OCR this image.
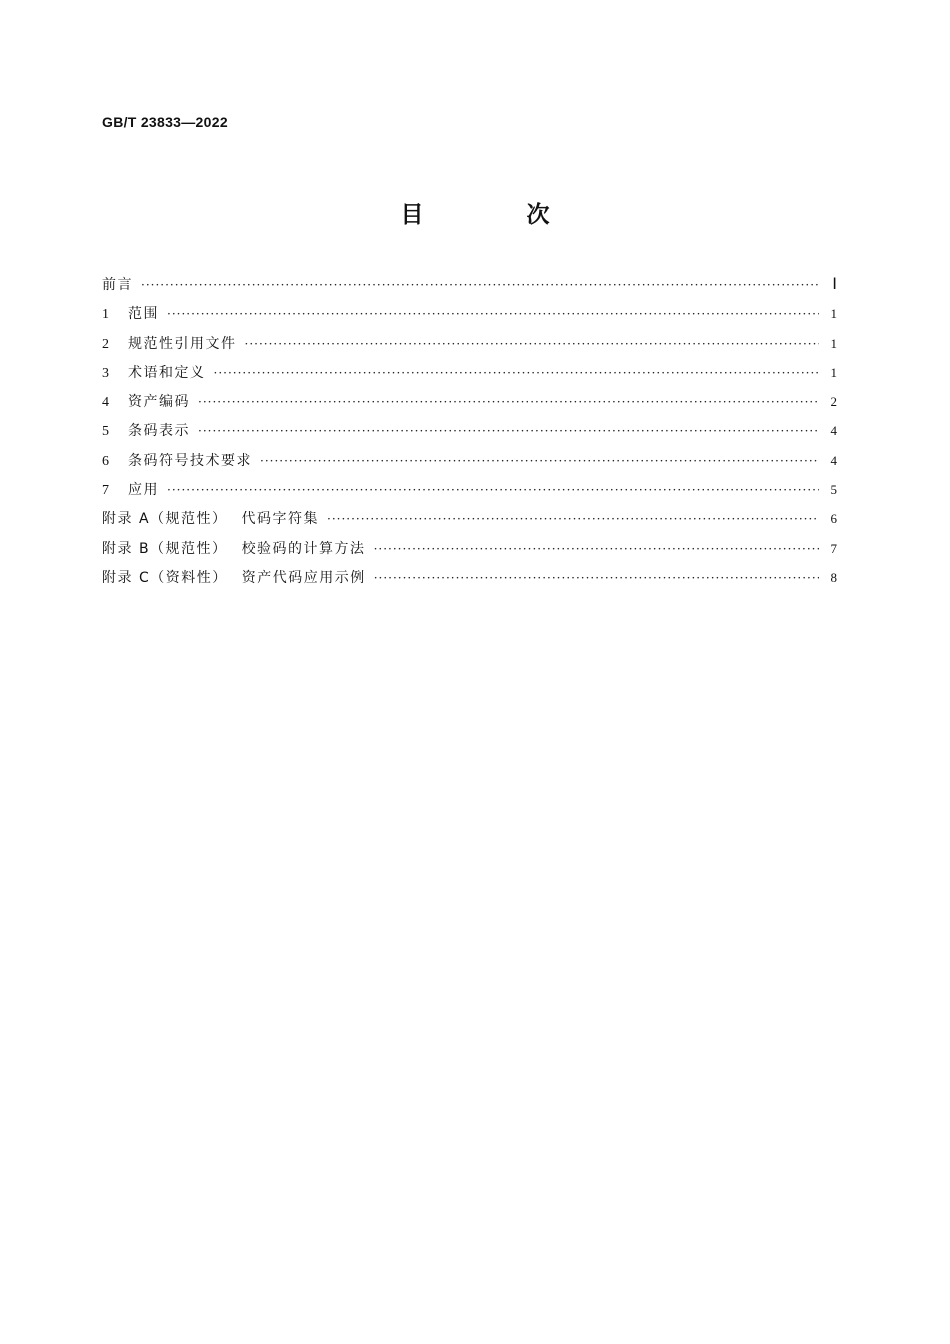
GB/T 23833—2022
目　次
前言 ·····	Ⅰ
1	范围 ·····	1
2	规范性引用文件 ·····	1
3	术语和定义 ·····	1
4	资产编码 ·····	2
5	条码表示 ·····	4
6	条码符号技术要求 ·····	4
7	应用 ·····	5
附录 A（规范性）	代码字符集 ·····	6
附录 B（规范性）	校验码的计算方法 ·····	7
附录 C（资料性）	资产代码应用示例 ·····	8
